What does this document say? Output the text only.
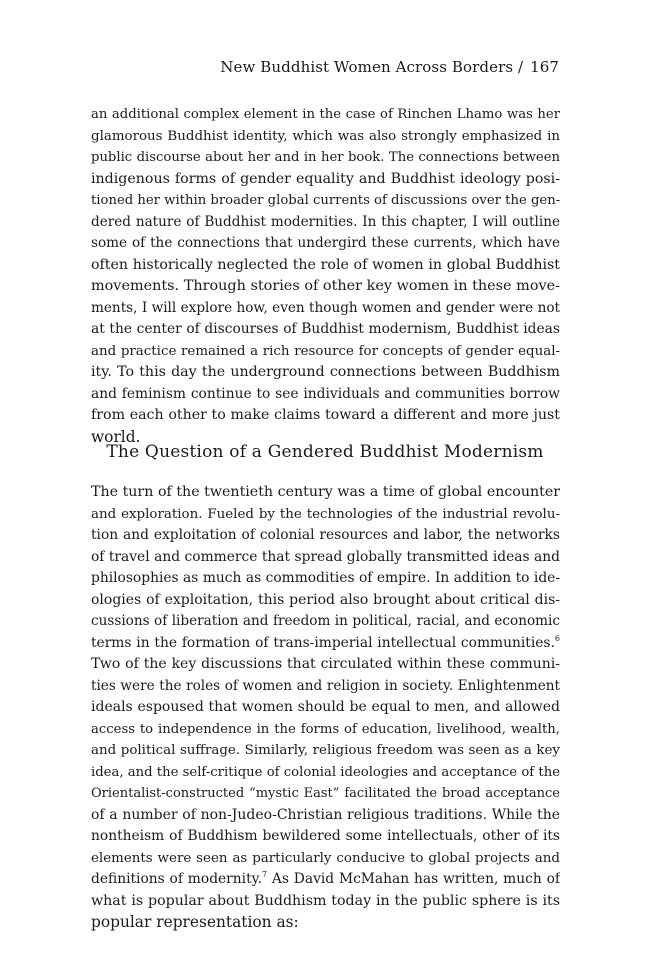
New Buddhist Women Across Borders / 167
an additional complex element in the case of Rinchen Lhamo was her
glamorous Buddhist identity, which was also strongly emphasized in
public discourse about her and in her book. The connections between
indigenous forms of gender equality and Buddhist ideology posi-
tioned her within broader global currents of discussions over the gen-
dered nature of Buddhist modernities. In this chapter, I will outline
some of the connections that undergird these currents, which have
often historically neglected the role of women in global Buddhist
movements. Through stories of other key women in these move-
ments, I will explore how, even though women and gender were not
at the center of discourses of Buddhist modernism, Buddhist ideas
and practice remained a rich resource for concepts of gender equal-
ity. To this day the underground connections between Buddhism
and feminism continue to see individuals and communities borrow
from each other to make claims toward a different and more just
world.
The Question of a Gendered Buddhist Modernism
The turn of the twentieth century was a time of global encounter
and exploration. Fueled by the technologies of the industrial revolu-
tion and exploitation of colonial resources and labor, the networks
of travel and commerce that spread globally transmitted ideas and
philosophies as much as commodities of empire. In addition to ide-
ologies of exploitation, this period also brought about critical dis-
cussions of liberation and freedom in political, racial, and economic
terms in the formation of trans-imperial intellectual communities.$^6$
Two of the key discussions that circulated within these communi-
ties were the roles of women and religion in society. Enlightenment
ideals espoused that women should be equal to men, and allowed
access to independence in the forms of education, livelihood, wealth,
and political suffrage. Similarly, religious freedom was seen as a key
idea, and the self-critique of colonial ideologies and acceptance of the
Orientalist-constructed “mystic East” facilitated the broad acceptance
of a number of non-Judeo-Christian religious traditions. While the
nontheism of Buddhism bewildered some intellectuals, other of its
elements were seen as particularly conducive to global projects and
definitions of modernity.$^7$ As David McMahan has written, much of
what is popular about Buddhism today in the public sphere is its
popular representation as:
